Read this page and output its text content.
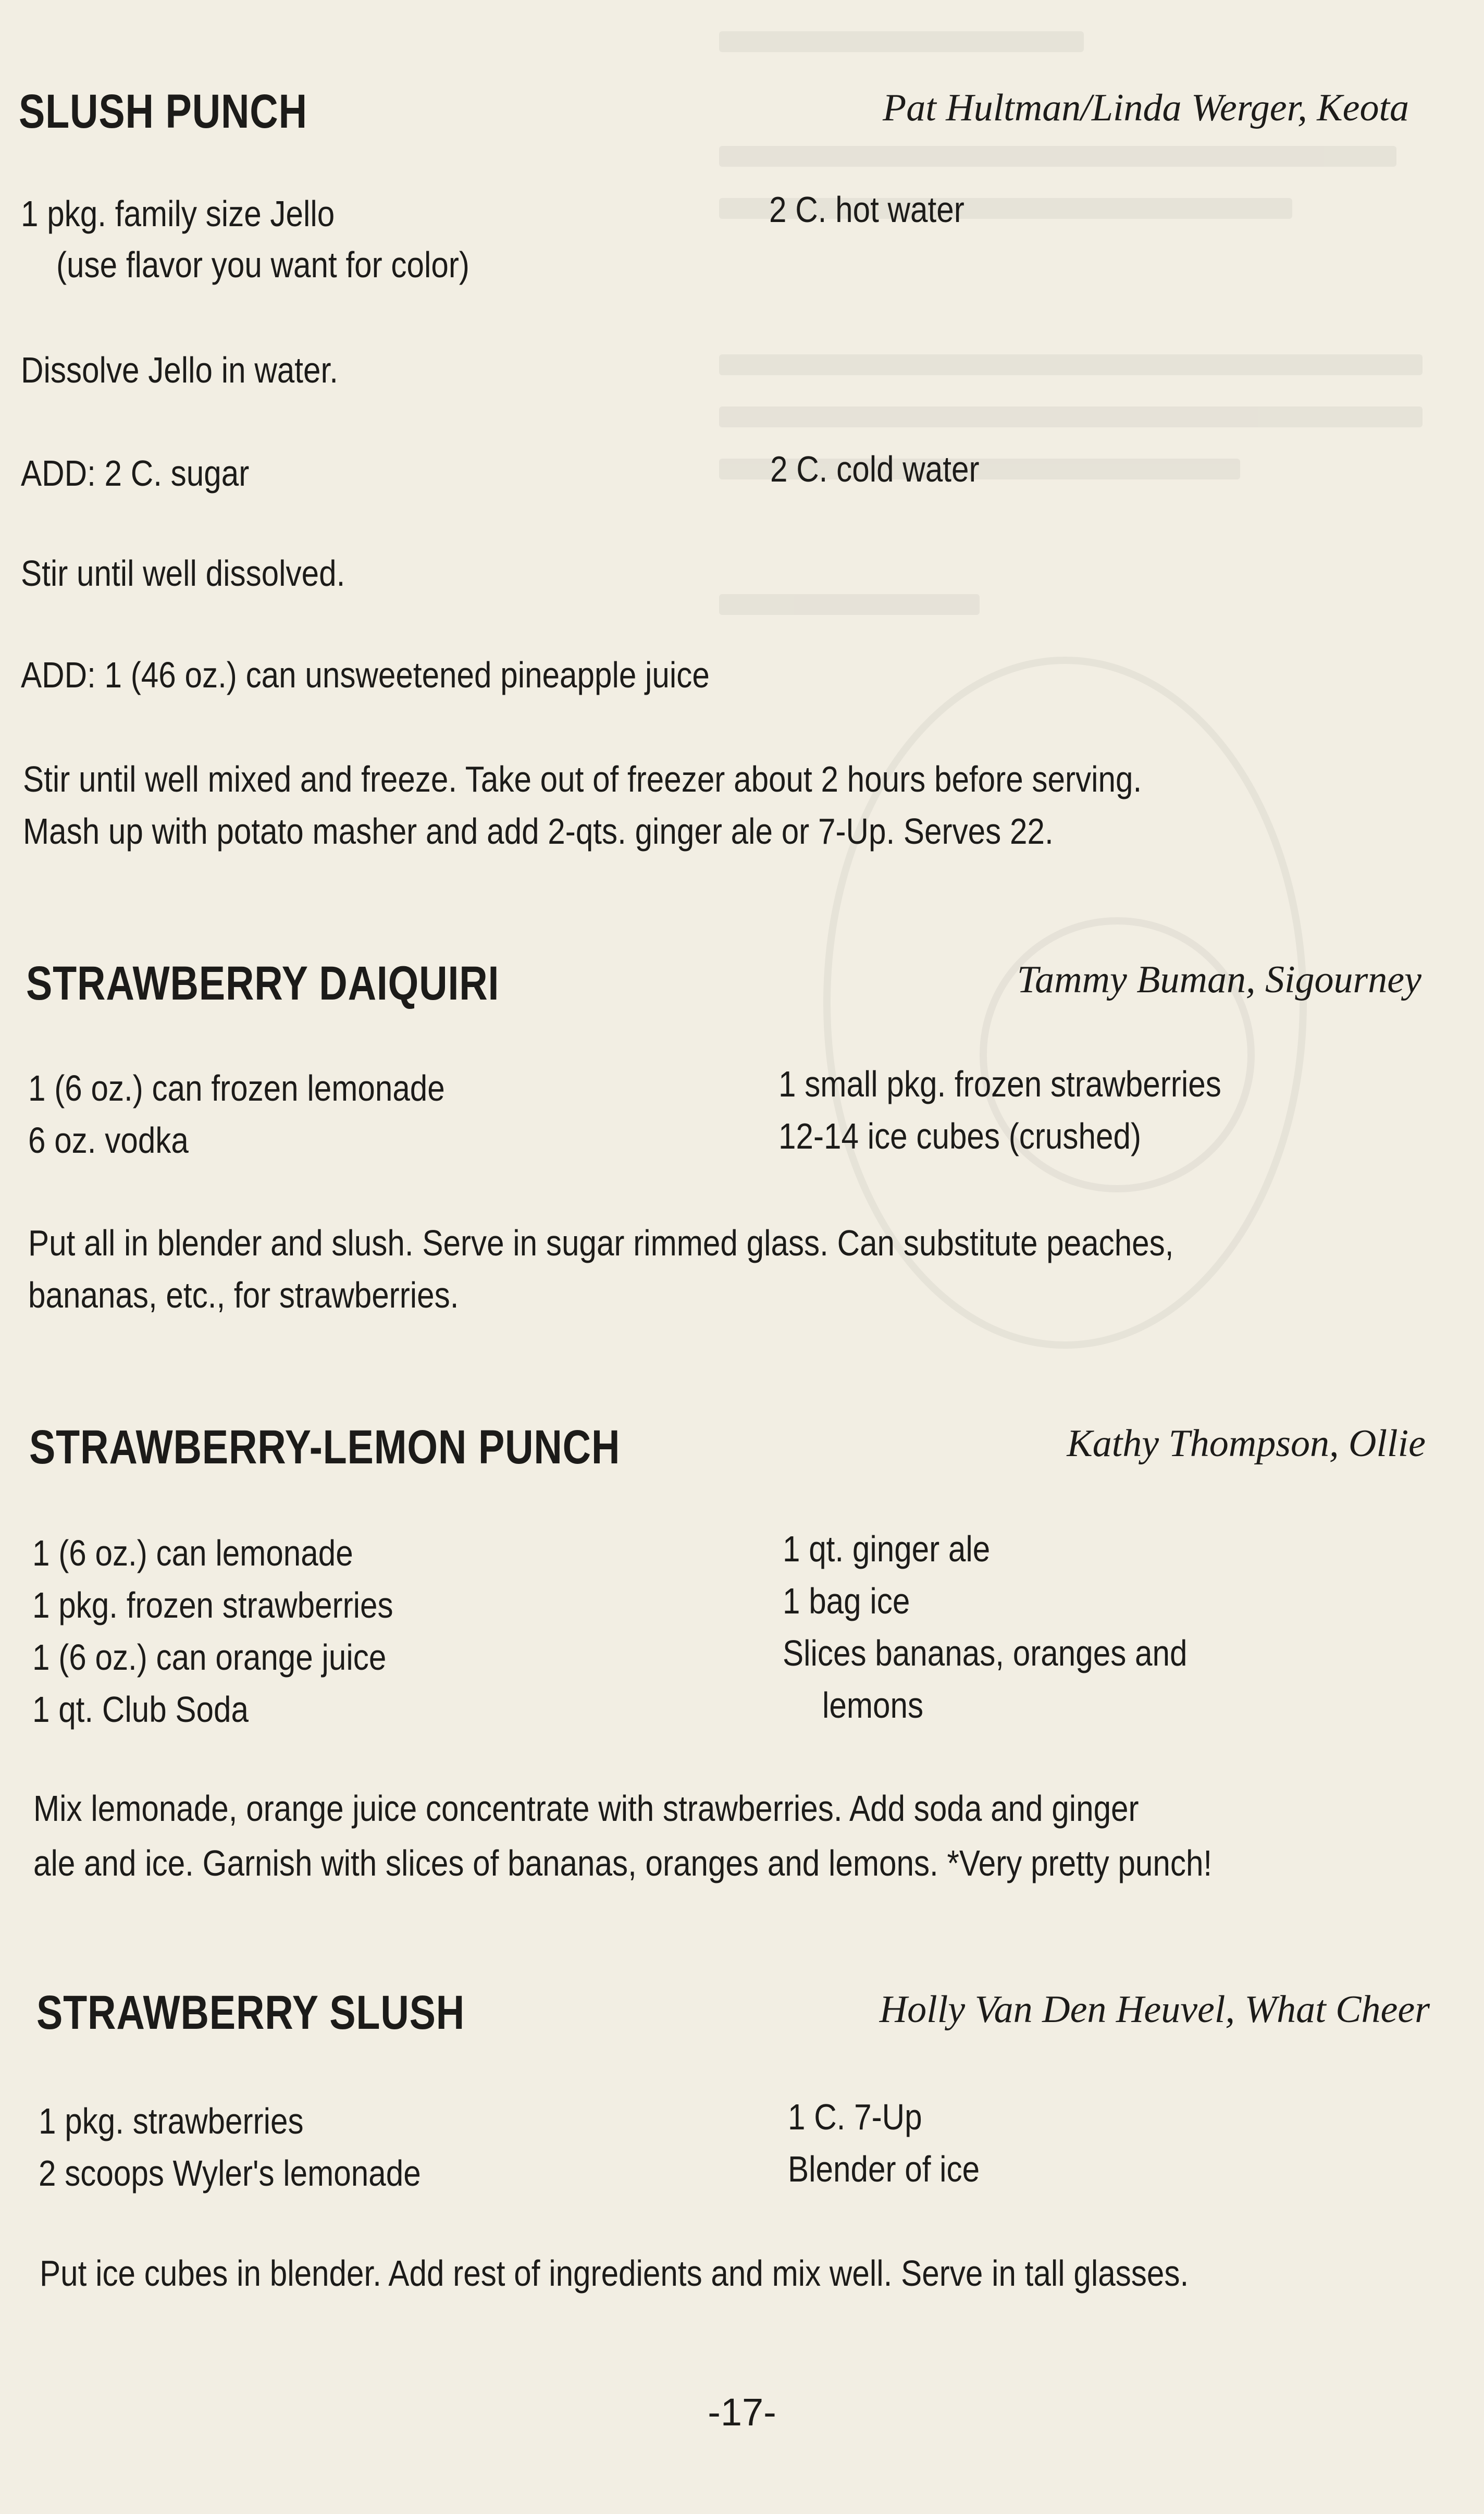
SLUSH PUNCH	Pat Hultman/Linda Werger, Keota
1 pkg. family size Jello
(use flavor you want for color)
2 C. hot water
Dissolve Jello in water.
ADD: 2 C. sugar	2 C. cold water
Stir until well dissolved.
ADD: 1 (46 oz.) can unsweetened pineapple juice
Stir until well mixed and freeze. Take out of freezer about 2 hours before serving.
Mash up with potato masher and add 2-qts. ginger ale or 7-Up. Serves 22.
STRAWBERRY DAIQUIRI	Tammy Buman, Sigourney
1 (6 oz.) can frozen lemonade
6 oz. vodka
1 small pkg. frozen strawberries
12-14 ice cubes (crushed)
Put all in blender and slush. Serve in sugar rimmed glass. Can substitute peaches,
bananas, etc., for strawberries.
STRAWBERRY-LEMON PUNCH	Kathy Thompson, Ollie
1 (6 oz.) can lemonade
1 pkg. frozen strawberries
1 (6 oz.) can orange juice
1 qt. Club Soda
1 qt. ginger ale
1 bag ice
Slices bananas, oranges and
lemons
Mix lemonade, orange juice concentrate with strawberries. Add soda and ginger
ale and ice. Garnish with slices of bananas, oranges and lemons. *Very pretty punch!
STRAWBERRY SLUSH	Holly Van Den Heuvel, What Cheer
1 pkg. strawberries
2 scoops Wyler's lemonade
1 C. 7-Up
Blender of ice
Put ice cubes in blender. Add rest of ingredients and mix well. Serve in tall glasses.
-17-
